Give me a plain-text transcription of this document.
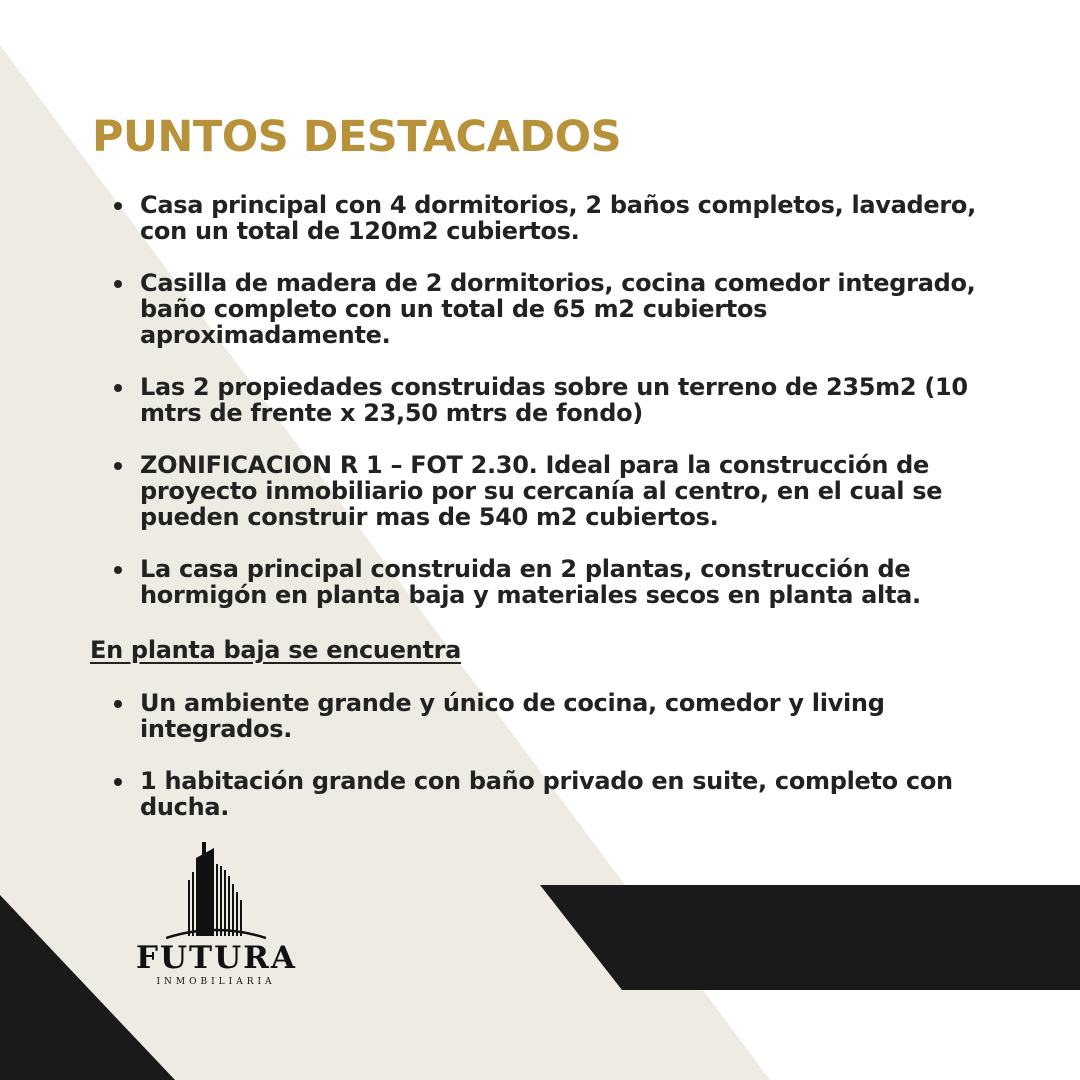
PUNTOS DESTACADOS
Casa principal con 4 dormitorios, 2 baños completos, lavadero, con un total de 120m2 cubiertos.
Casilla de madera de 2 dormitorios, cocina comedor integrado, baño completo con un total de 65 m2 cubiertos aproximadamente.
Las 2 propiedades construidas sobre un terreno de 235m2 (10 mtrs de frente x 23,50 mtrs de fondo)
ZONIFICACION R 1 – FOT 2.30. Ideal para la construcción de proyecto inmobiliario por su cercanía al centro, en el cual se pueden construir mas de 540 m2 cubiertos.
La casa principal construida en 2 plantas, construcción de hormigón en planta baja y materiales secos en planta alta.
En planta baja se encuentra
Un ambiente grande y único de cocina, comedor y living integrados.
1 habitación grande con baño privado en suite, completo con ducha.
FUTURA
INMOBILIARIA
